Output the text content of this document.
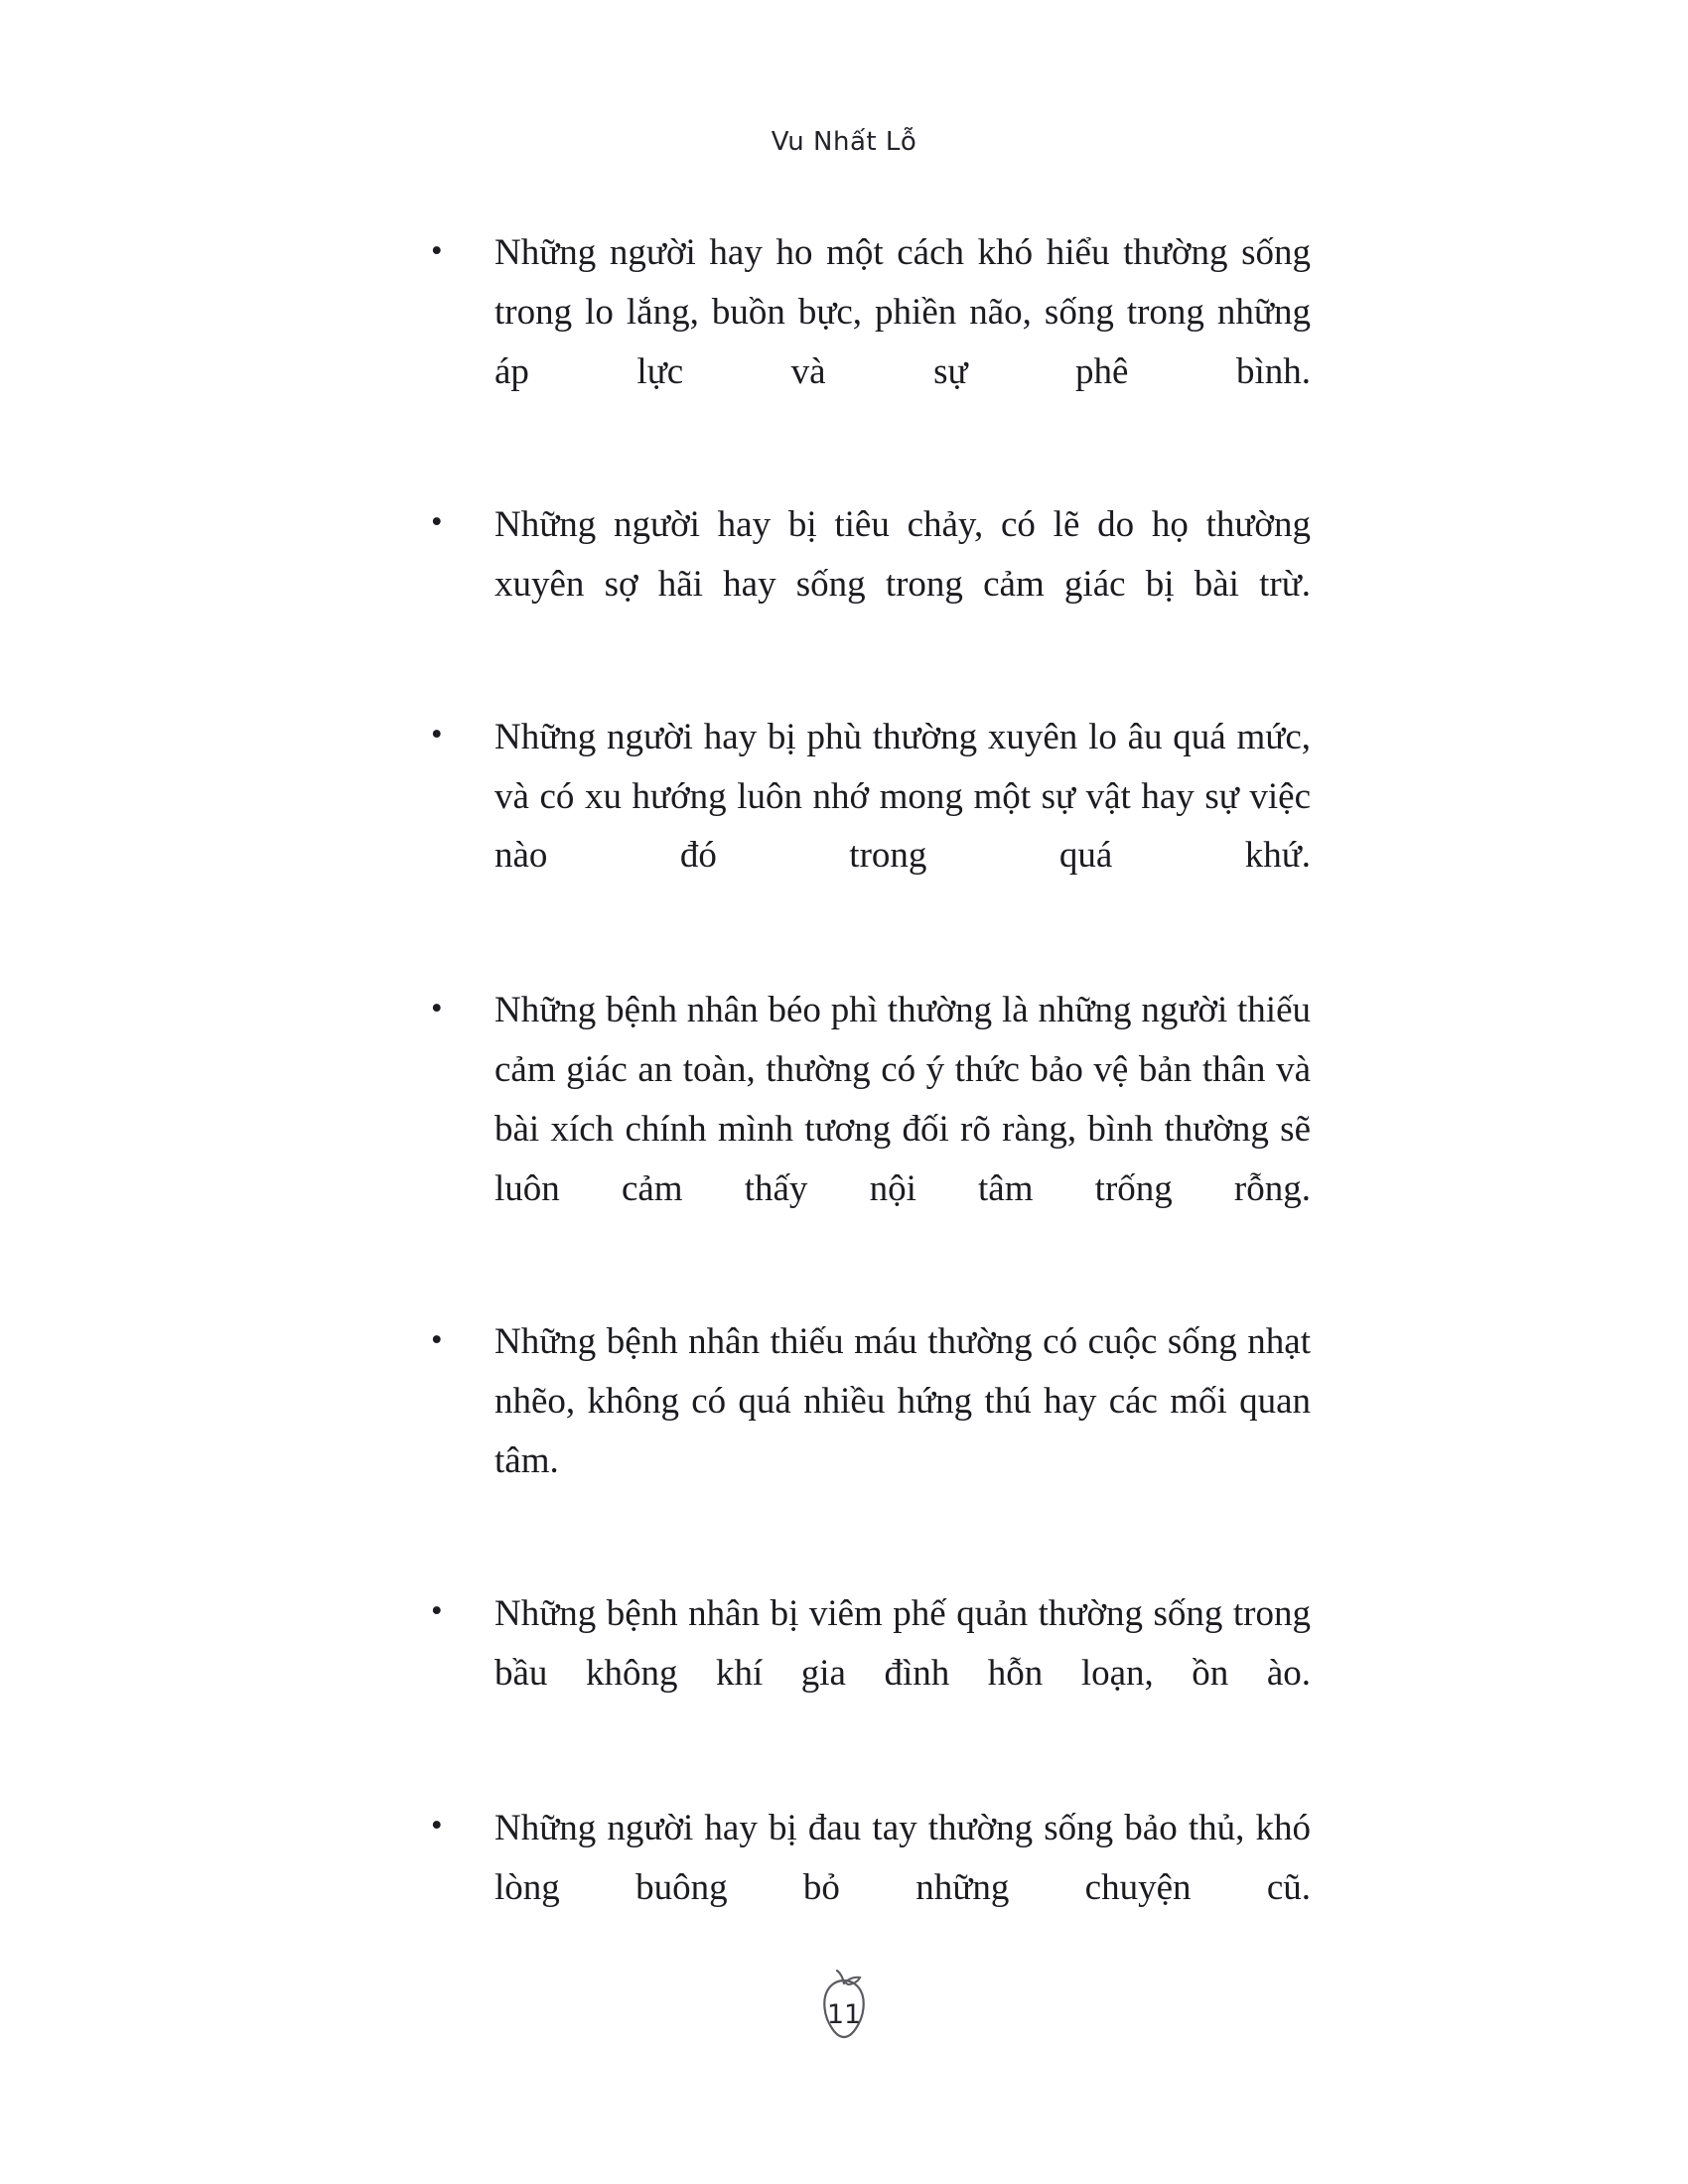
Vu Nhất Lỗ
• Những người hay ho một cách khó hiểu thường sống trong lo lắng, buồn bực, phiền não, sống trong những áp lực và sự phê bình.
• Những người hay bị tiêu chảy, có lẽ do họ thường xuyên sợ hãi hay sống trong cảm giác bị bài trừ.
• Những người hay bị phù thường xuyên lo âu quá mức, và có xu hướng luôn nhớ mong một sự vật hay sự việc nào đó trong quá khứ.
• Những bệnh nhân béo phì thường là những người thiếu cảm giác an toàn, thường có ý thức bảo vệ bản thân và bài xích chính mình tương đối rõ ràng, bình thường sẽ luôn cảm thấy nội tâm trống rỗng.
• Những bệnh nhân thiếu máu thường có cuộc sống nhạt nhẽo, không có quá nhiều hứng thú hay các mối quan tâm.
• Những bệnh nhân bị viêm phế quản thường sống trong bầu không khí gia đình hỗn loạn, ồn ào.
• Những người hay bị đau tay thường sống bảo thủ, khó lòng buông bỏ những chuyện cũ.
11
